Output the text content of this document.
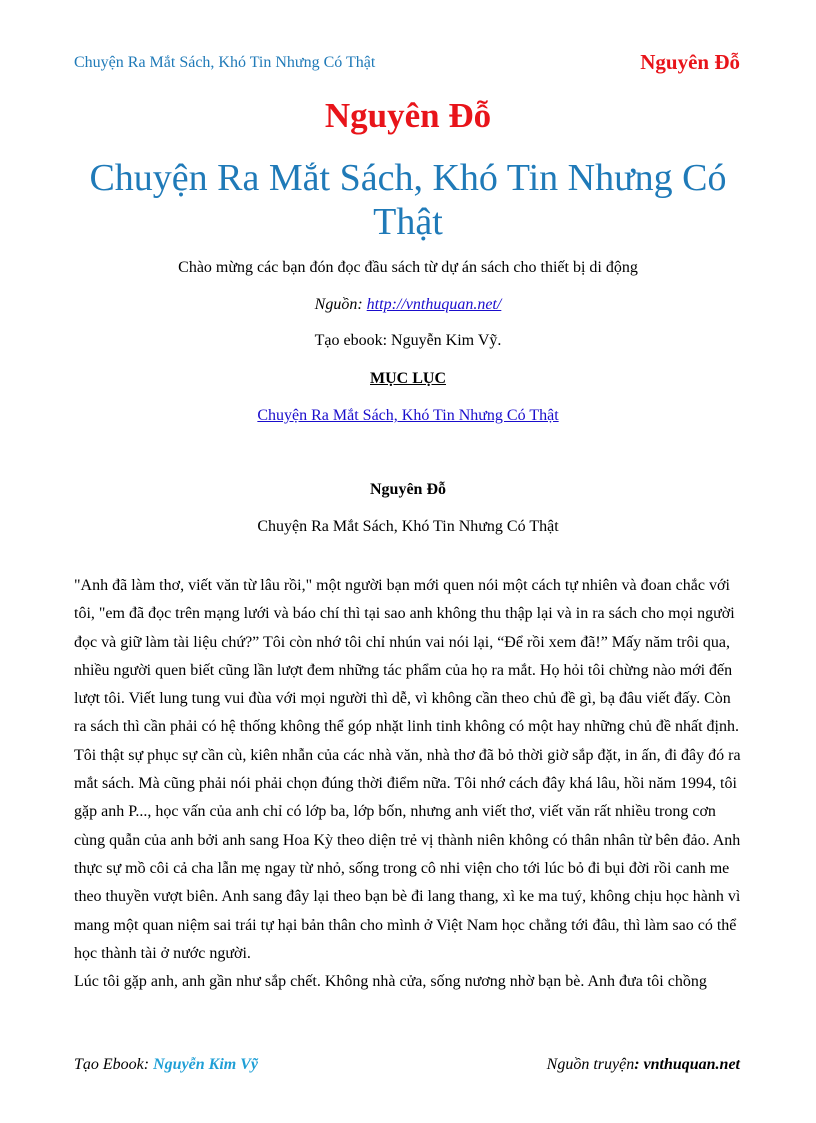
Chuyện Ra Mắt Sách, Khó Tin Nhưng Có Thật	Nguyên Đỗ
Nguyên Đỗ
Chuyện Ra Mắt Sách, Khó Tin Nhưng Có Thật
Chào mừng các bạn đón đọc đầu sách từ dự án sách cho thiết bị di động
Nguồn: http://vnthuquan.net/
Tạo ebook: Nguyễn Kim Vỹ.
MỤC LỤC
Chuyện Ra Mắt Sách, Khó Tin Nhưng Có Thật
Nguyên Đỗ
Chuyện Ra Mắt Sách, Khó Tin Nhưng Có Thật

"Anh đã làm thơ, viết văn từ lâu rồi," một người bạn mới quen nói một cách tự nhiên và đoan chắc với tôi, "em đã đọc trên mạng lưới và báo chí thì tại sao anh không thu thập lại và in ra sách cho mọi người đọc và giữ làm tài liệu chứ?” Tôi còn nhớ tôi chỉ nhún vai nói lại, “Để rồi xem đã!” Mấy năm trôi qua, nhiều người quen biết cũng lần lượt đem những tác phẩm của họ ra mắt. Họ hỏi tôi chừng nào mới đến lượt tôi. Viết lung tung vui đùa với mọi người thì dễ, vì không cần theo chủ đề gì, bạ đâu viết đấy. Còn ra sách thì cần phải có hệ thống không thể góp nhặt linh tinh không có một hay những chủ đề nhất định.

Tôi thật sự phục sự cần cù, kiên nhẫn của các nhà văn, nhà thơ đã bỏ thời giờ sắp đặt, in ấn, đi đây đó ra mắt sách. Mà cũng phải nói phải chọn đúng thời điểm nữa. Tôi nhớ cách đây khá lâu, hồi năm 1994, tôi gặp anh P..., học vấn của anh chỉ có lớp ba, lớp bốn, nhưng anh viết thơ, viết văn rất nhiều trong cơn cùng quẫn của anh bởi anh sang Hoa Kỳ theo diện trẻ vị thành niên không có thân nhân từ bên đảo. Anh thực sự mồ côi cả cha lẫn mẹ ngay từ nhỏ, sống trong cô nhi viện cho tới lúc bỏ đi bụi đời rồi canh me theo thuyền vượt biên. Anh sang đây lại theo bạn bè đi lang thang, xì ke ma tuý, không chịu học hành vì mang một quan niệm sai trái tự hại bản thân cho mình ở Việt Nam học chẳng tới đâu, thì làm sao có thể học thành tài ở nước người.

Lúc tôi gặp anh, anh gần như sắp chết. Không nhà cửa, sống nương nhờ bạn bè. Anh đưa tôi chồng

Tạo Ebook: Nguyễn Kim Vỹ	Nguồn truyện: vnthuquan.net
